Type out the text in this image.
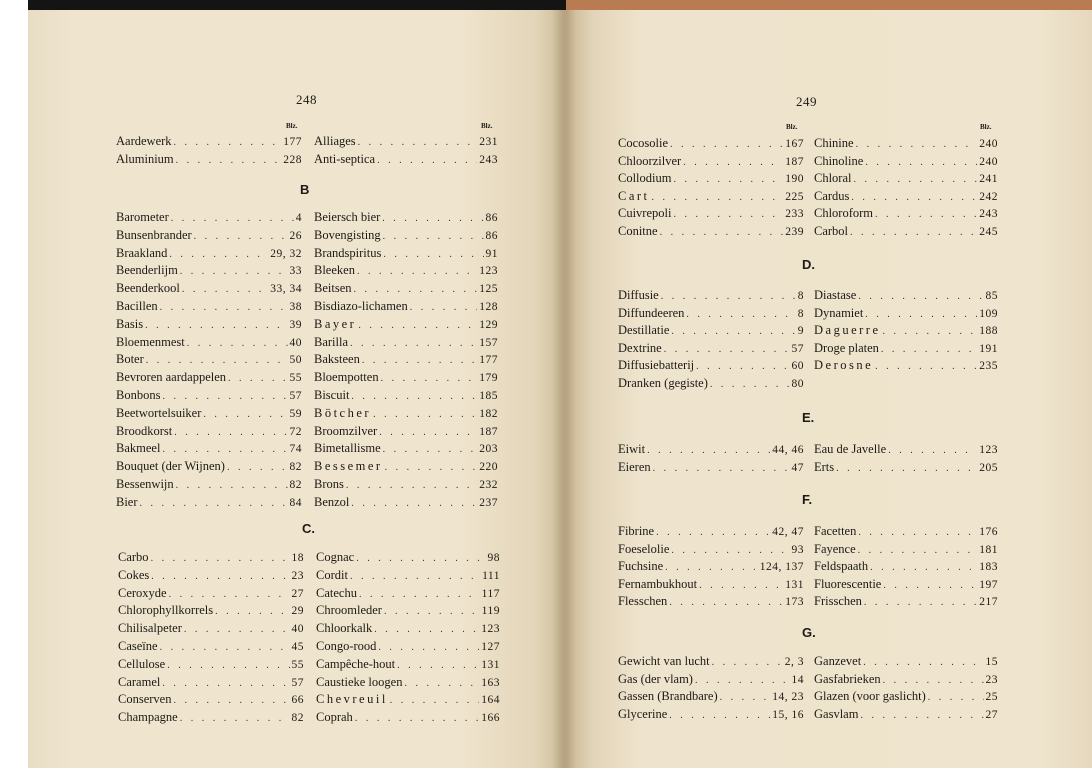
248
Blz.	Blz.
Aardewerk . . .	177
Aluminium . . .	228
Alliages . . .	231
Anti-septica . . .	243
B
Barometer . . .	4
Bunsenbrander . . .	26
Braakland . . .	29, 32
Beenderlijm . . .	33
Beenderkool . . .	33, 34
Bacillen . . .	38
Basis . . .	39
Bloemenmest . . .	40
Boter . . .	50
Bevroren aardappelen . . .	55
Bonbons . . .	57
Beetwortelsuiker . . .	59
Broodkorst . . .	72
Bakmeel . . .	74
Bouquet (der Wijnen) . . .	82
Bessenwijn . . .	82
Bier . . .	84
Beiersch bier . . .	86
Bovengisting . . .	86
Brandspiritus . . .	91
Bleeken . . .	123
Beitsen . . .	125
Bisdiazo-lichamen . . .	128
Bayer . . .	129
Barilla . . .	157
Baksteen . . .	177
Bloempotten . . .	179
Biscuit . . .	185
Bötcher . . .	182
Broomzilver . . .	187
Bimetallisme . . .	203
Bessemer . . .	220
Brons . . .	232
Benzol . . .	237
C.
Carbo . . .	18
Cokes . . .	23
Ceroxyde . . .	27
Chlorophyllkorrels . . .	29
Chilisalpeter . . .	40
Caseïne . . .	45
Cellulose . . .	55
Caramel . . .	57
Conserven . . .	66
Champagne . . .	82
Cognac . . .	98
Cordit . . .	111
Catechu . . .	117
Chroomleder . . .	119
Chloorkalk . . .	123
Congo-rood . . .	127
Campêche-hout . . .	131
Caustieke loogen . . .	163
Chevreuil . . .	164
Coprah . . .	166
249
Blz.	Blz.
Cocosolie . . .	167
Chloorzilver . . .	187
Collodium . . .	190
Cart . . .	225
Cuivrepoli . . .	233
Conitne . . .	239
Chinine . . .	240
Chinoline . . .	240
Chloral . . .	241
Cardus . . .	242
Chloroform . . .	243
Carbol . . .	245
D.
Diffusie . . .	8
Diffundeeren . . .	8
Destillatie . . .	9
Dextrine . . .	57
Diffusiebatterij . . .	60
Dranken (gegiste) . . .	80
Diastase . . .	85
Dynamiet . . .	109
Daguerre . . .	188
Droge platen . . .	191
Derosne . . .	235
E.
Eiwit . . .	44, 46
Eieren . . .	47
Eau de Javelle . . .	123
Erts . . .	205
F.
Fibrine . . .	42, 47
Foeselolie . . .	93
Fuchsine . . .	124, 137
Fernambukhout . . .	131
Flesschen . . .	173
Facetten . . .	176
Fayence . . .	181
Feldspaath . . .	183
Fluorescentie . . .	197
Frisschen . . .	217
G.
Gewicht van lucht . . .	2, 3
Gas (der vlam) . . .	14
Gassen (Brandbare) . . .	14, 23
Glycerine . . .	15, 16
Ganzevet . . .	15
Gasfabrieken . . .	23
Glazen (voor gaslicht) . . .	25
Gasvlam . . .	27
